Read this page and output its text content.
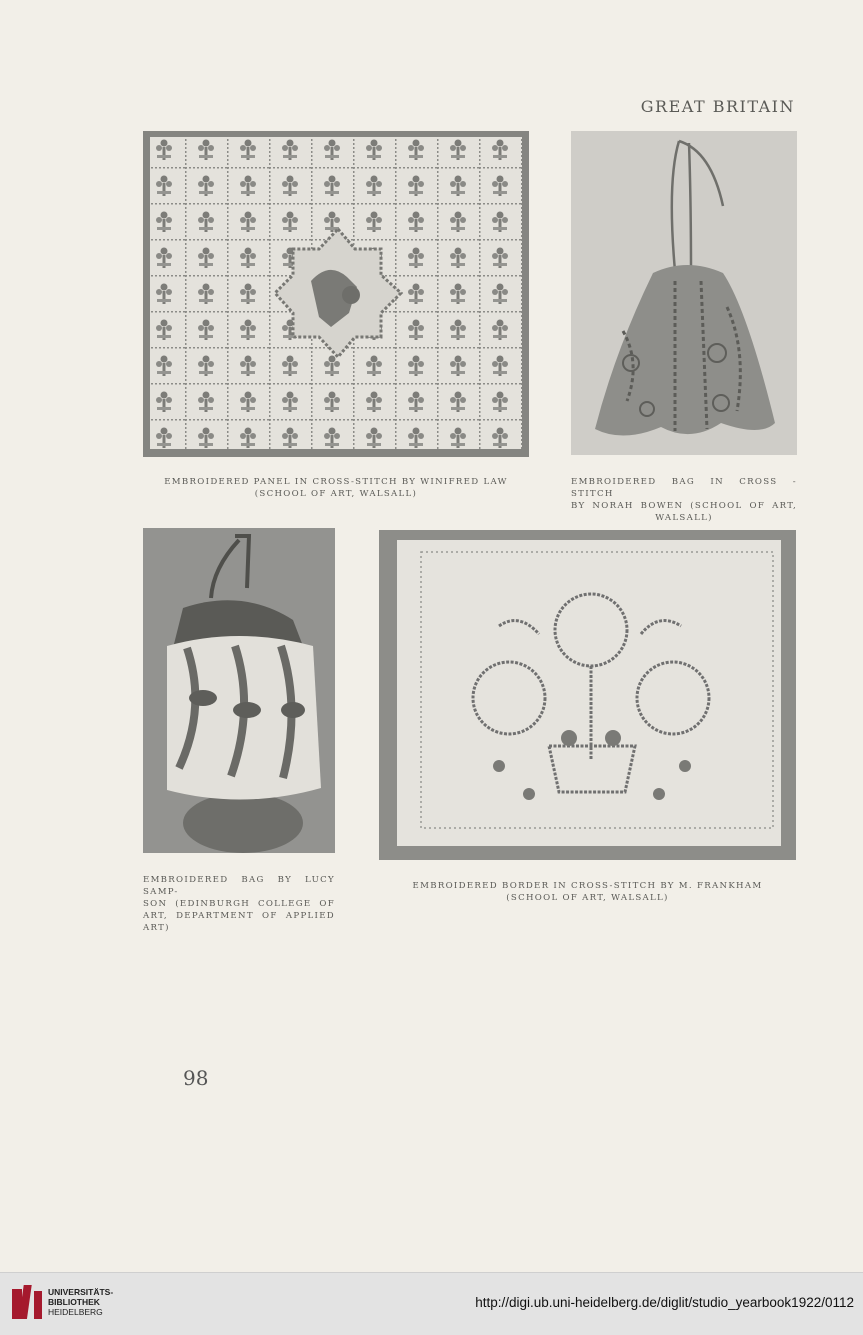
GREAT BRITAIN
EMBROIDERED PANEL IN CROSS-STITCH BY WINIFRED LAW
(SCHOOL OF ART, WALSALL)
EMBROIDERED BAG IN CROSS - STITCH
BY NORAH BOWEN (SCHOOL OF ART,
WALSALL)
EMBROIDERED BAG BY LUCY SAMP-
SON (EDINBURGH COLLEGE OF
ART, DEPARTMENT OF APPLIED ART)
EMBROIDERED BORDER IN CROSS-STITCH BY M. FRANKHAM
(SCHOOL OF ART, WALSALL)
98
UNIVERSITÄTS-
BIBLIOTHEK
HEIDELBERG
http://digi.ub.uni-heidelberg.de/diglit/studio_yearbook1922/0112
